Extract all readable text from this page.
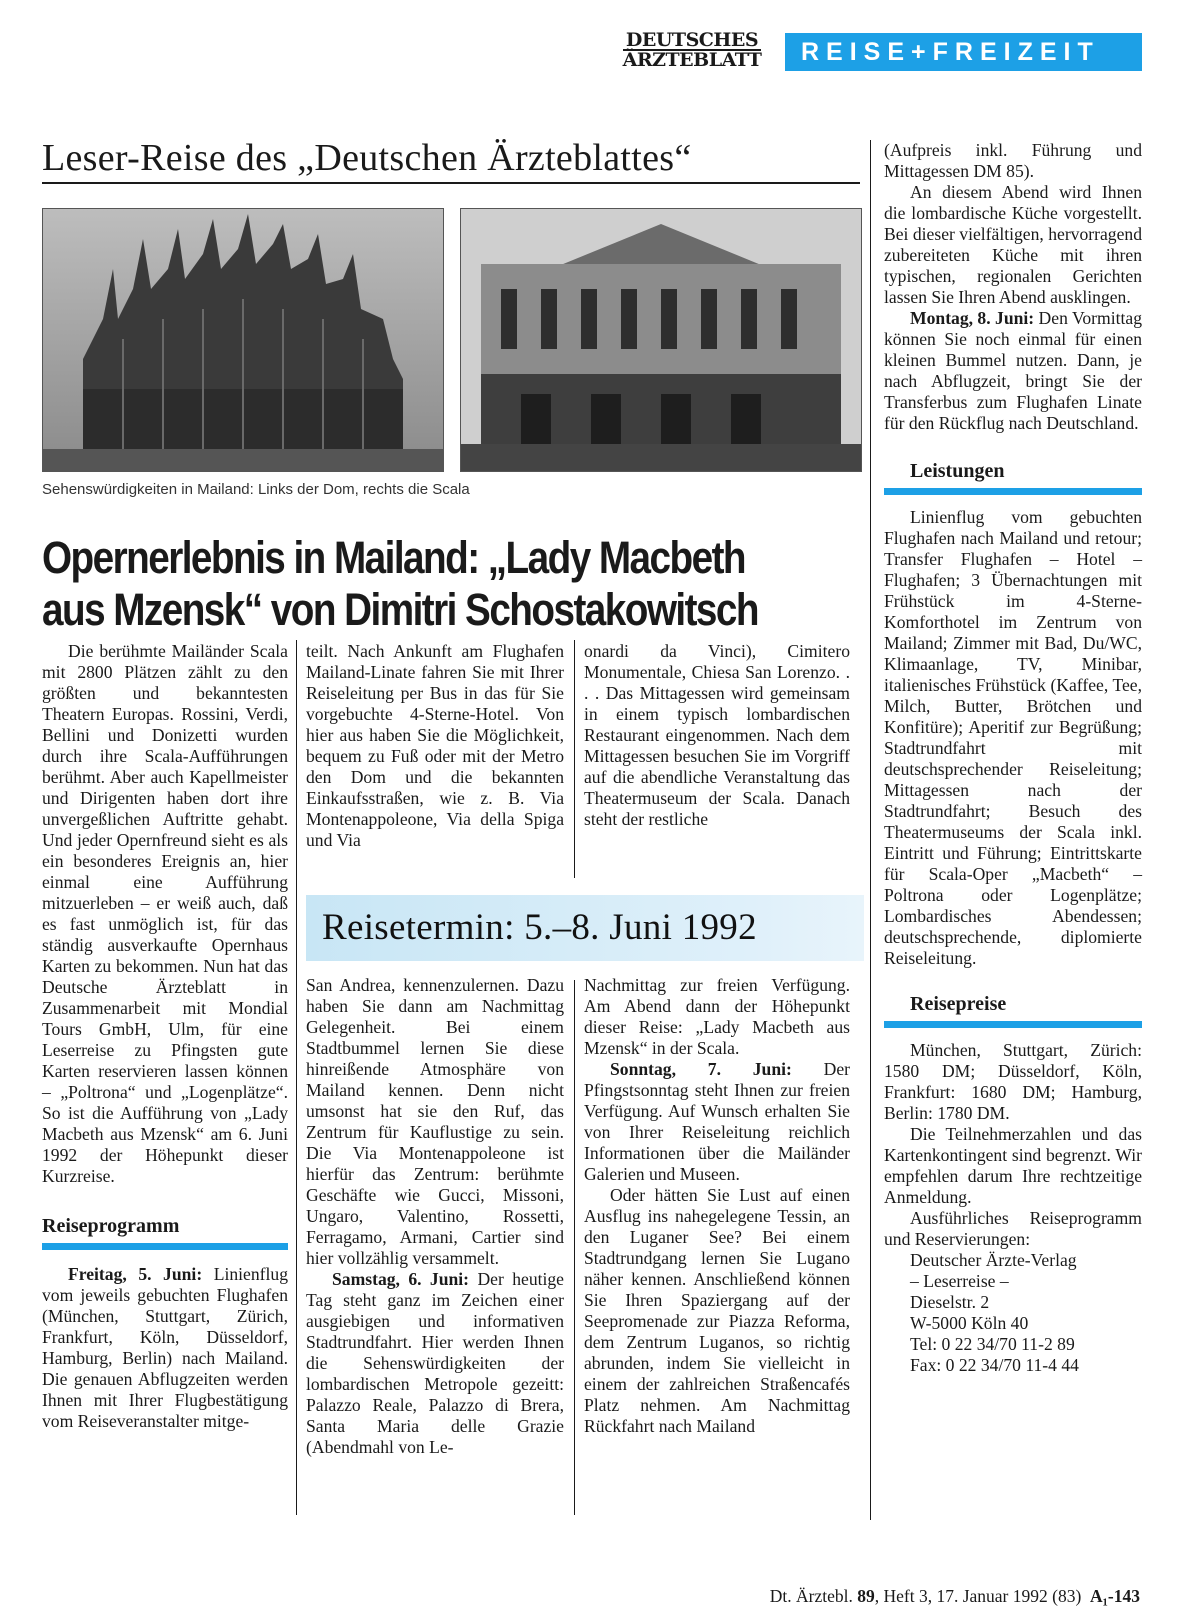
DEUTSCHES
ÄRZTEBLATT	REISE+FREIZEIT
Leser-Reise des „Deutschen Ärzteblattes“
Sehenswürdigkeiten in Mailand: Links der Dom, rechts die Scala
Opernerlebnis in Mailand: „Lady Macbeth
aus Mzensk“ von Dimitri Schostakowitsch

Die berühmte Mailänder Scala mit 2800 Plätzen zählt zu den größten und bekanntesten Theatern Europas. Rossini, Verdi, Bellini und Donizetti wurden durch ihre Scala-Aufführungen berühmt. Aber auch Kapellmeister und Dirigenten haben dort ihre unvergeßlichen Auftritte gehabt. Und jeder Opernfreund sieht es als ein besonderes Ereignis an, hier einmal eine Aufführung mitzuerleben – er weiß auch, daß es fast unmöglich ist, für das ständig ausverkaufte Opernhaus Karten zu bekommen. Nun hat das Deutsche Ärzteblatt in Zusammenarbeit mit Mondial Tours GmbH, Ulm, für eine Leserreise zu Pfingsten gute Karten reservieren lassen können – „Poltrona“ und „Logenplätze“. So ist die Aufführung von „Lady Macbeth aus Mzensk“ am 6. Juni 1992 der Höhepunkt dieser Kurzreise.

Reiseprogramm

Freitag, 5. Juni: Linienflug vom jeweils gebuchten Flughafen (München, Stuttgart, Zürich, Frankfurt, Köln, Düsseldorf, Hamburg, Berlin) nach Mailand. Die genauen Abflugzeiten werden Ihnen mit Ihrer Flugbestätigung vom Reiseveranstalter mitge-

teilt. Nach Ankunft am Flughafen Mailand-Linate fahren Sie mit Ihrer Reiseleitung per Bus in das für Sie vorgebuchte 4-Sterne-Hotel. Von hier aus haben Sie die Möglichkeit, bequem zu Fuß oder mit der Metro den Dom und die bekannten Einkaufsstraßen, wie z. B. Via Montenappoleone, Via della Spiga und Via

onardi da Vinci), Cimitero Monumentale, Chiesa San Lorenzo. . . . Das Mittagessen wird gemeinsam in einem typisch lombardischen Restaurant eingenommen. Nach dem Mittagessen besuchen Sie im Vorgriff auf die abendliche Veranstaltung das Theatermuseum der Scala. Danach steht der restliche

Reisetermin: 5.–8. Juni 1992

San Andrea, kennenzulernen. Dazu haben Sie dann am Nachmittag Gelegenheit. Bei einem Stadtbummel lernen Sie diese hinreißende Atmosphäre von Mailand kennen. Denn nicht umsonst hat sie den Ruf, das Zentrum für Kauflustige zu sein. Die Via Montenappoleone ist hierfür das Zentrum: berühmte Geschäfte wie Gucci, Missoni, Ungaro, Valentino, Rossetti, Ferragamo, Armani, Cartier sind hier vollzählig versammelt.

Samstag, 6. Juni: Der heutige Tag steht ganz im Zeichen einer ausgiebigen und informativen Stadtrundfahrt. Hier werden Ihnen die Sehenswürdigkeiten der lombardischen Metropole gezeitt: Palazzo Reale, Palazzo di Brera, Santa Maria delle Grazie (Abendmahl von Le-

Nachmittag zur freien Verfügung. Am Abend dann der Höhepunkt dieser Reise: „Lady Macbeth aus Mzensk“ in der Scala.

Sonntag, 7. Juni: Der Pfingstsonntag steht Ihnen zur freien Verfügung. Auf Wunsch erhalten Sie von Ihrer Reiseleitung reichlich Informationen über die Mailänder Galerien und Museen.

Oder hätten Sie Lust auf einen Ausflug ins nahegelegene Tessin, an den Luganer See? Bei einem Stadtrundgang lernen Sie Lugano näher kennen. Anschließend können Sie Ihren Spaziergang auf der Seepromenade zur Piazza Reforma, dem Zentrum Luganos, so richtig abrunden, indem Sie vielleicht in einem der zahlreichen Straßencafés Platz nehmen. Am Nachmittag Rückfahrt nach Mailand

(Aufpreis inkl. Führung und Mittagessen DM 85).

An diesem Abend wird Ihnen die lombardische Küche vorgestellt. Bei dieser vielfältigen, hervorragend zubereiteten Küche mit ihren typischen, regionalen Gerichten lassen Sie Ihren Abend ausklingen.

Montag, 8. Juni: Den Vormittag können Sie noch einmal für einen kleinen Bummel nutzen. Dann, je nach Abflugzeit, bringt Sie der Transferbus zum Flughafen Linate für den Rückflug nach Deutschland.

Leistungen

Linienflug vom gebuchten Flughafen nach Mailand und retour; Transfer Flughafen – Hotel – Flughafen; 3 Übernachtungen mit Frühstück im 4-Sterne-Komforthotel im Zentrum von Mailand; Zimmer mit Bad, Du/WC, Klimaanlage, TV, Minibar, italienisches Frühstück (Kaffee, Tee, Milch, Butter, Brötchen und Konfitüre); Aperitif zur Begrüßung; Stadtrundfahrt mit deutschsprechender Reiseleitung; Mittagessen nach der Stadtrundfahrt; Besuch des Theatermuseums der Scala inkl. Eintritt und Führung; Eintrittskarte für Scala-Oper „Macbeth“ – Poltrona oder Logenplätze; Lombardisches Abendessen; deutschsprechende, diplomierte Reiseleitung.

Reisepreise

München, Stuttgart, Zürich: 1580 DM; Düsseldorf, Köln, Frankfurt: 1680 DM; Hamburg, Berlin: 1780 DM.

Die Teilnehmerzahlen und das Kartenkontingent sind begrenzt. Wir empfehlen darum Ihre rechtzeitige Anmeldung.

Ausführliches Reiseprogramm und Reservierungen:

Deutscher Ärzte-Verlag
– Leserreise –
Dieselstr. 2
W-5000 Köln 40
Tel: 0 22 34/70 11-2 89
Fax: 0 22 34/70 11-4 44
Dt. Ärztebl. 89, Heft 3, 17. Januar 1992 (83) A₁-143
